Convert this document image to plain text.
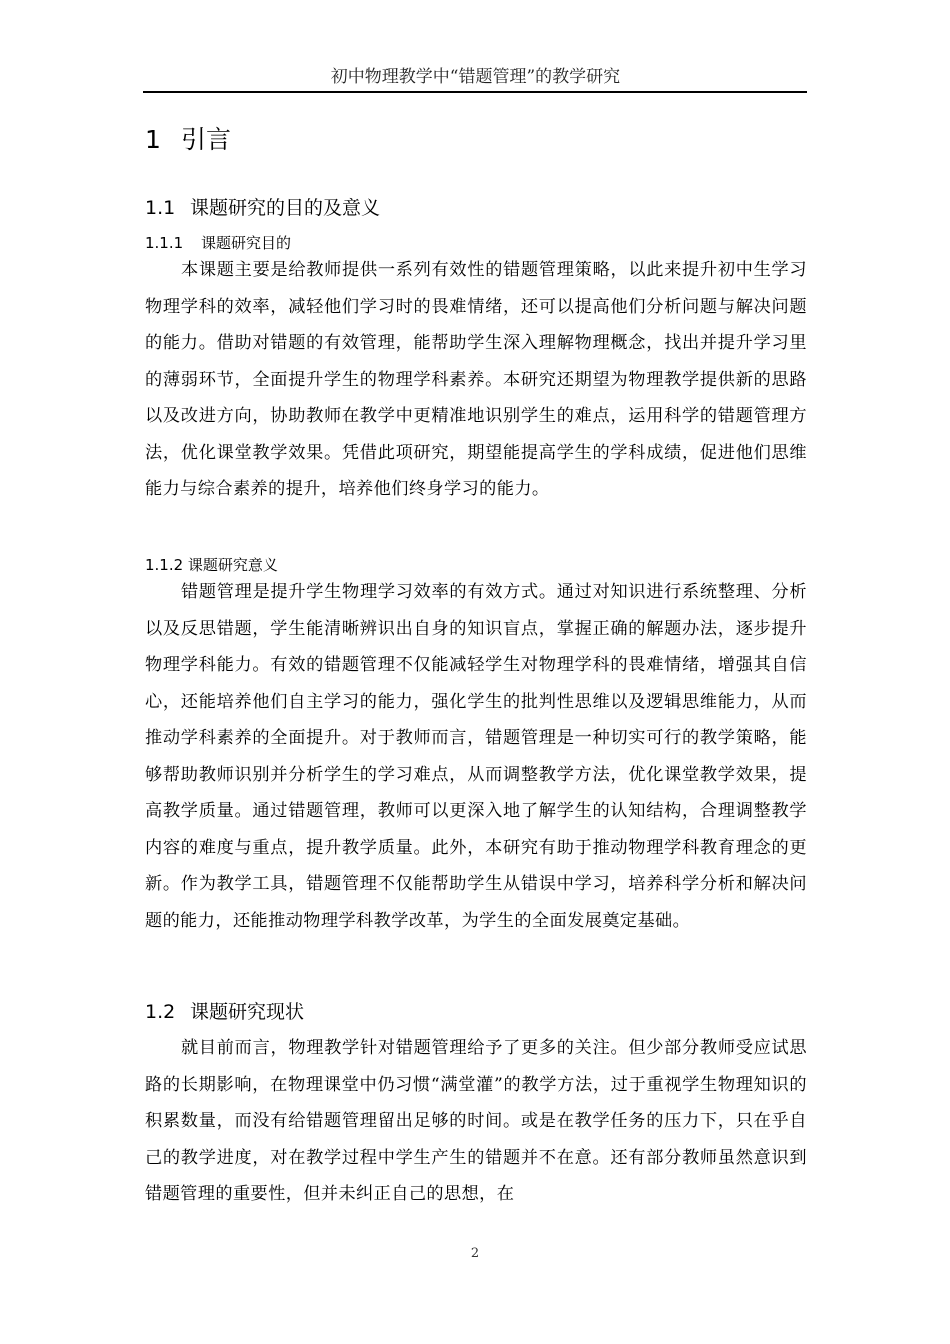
初中物理教学中“错题管理”的教学研究
1 引言
1.1 课题研究的目的及意义
1.1.1 课题研究目的

本课题主要是给教师提供一系列有效性的错题管理策略，以此来提升初中生学习物理学科的效率，减轻他们学习时的畏难情绪，还可以提高他们分析问题与解决问题的能力。借助对错题的有效管理，能帮助学生深入理解物理概念，找出并提升学习里的薄弱环节，全面提升学生的物理学科素养。本研究还期望为物理教学提供新的思路以及改进方向，协助教师在教学中更精准地识别学生的难点，运用科学的错题管理方法，优化课堂教学效果。凭借此项研究，期望能提高学生的学科成绩，促进他们思维能力与综合素养的提升，培养他们终身学习的能力。

1.1.2 课题研究意义

错题管理是提升学生物理学习效率的有效方式。通过对知识进行系统整理、分析以及反思错题，学生能清晰辨识出自身的知识盲点，掌握正确的解题办法，逐步提升物理学科能力。有效的错题管理不仅能减轻学生对物理学科的畏难情绪，增强其自信心，还能培养他们自主学习的能力，强化学生的批判性思维以及逻辑思维能力，从而推动学科素养的全面提升。对于教师而言，错题管理是一种切实可行的教学策略，能够帮助教师识别并分析学生的学习难点，从而调整教学方法，优化课堂教学效果，提高教学质量。通过错题管理，教师可以更深入地了解学生的认知结构，合理调整教学内容的难度与重点，提升教学质量。此外，本研究有助于推动物理学科教育理念的更新。作为教学工具，错题管理不仅能帮助学生从错误中学习，培养科学分析和解决问题的能力，还能推动物理学科教学改革，为学生的全面发展奠定基础。

1.2 课题研究现状

就目前而言，物理教学针对错题管理给予了更多的关注。但少部分教师受应试思路的长期影响，在物理课堂中仍习惯“满堂灌”的教学方法，过于重视学生物理知识的积累数量，而没有给错题管理留出足够的时间。或是在教学任务的压力下，只在乎自己的教学进度，对在教学过程中学生产生的错题并不在意。还有部分教师虽然意识到错题管理的重要性，但并未纠正自己的思想，在

2
